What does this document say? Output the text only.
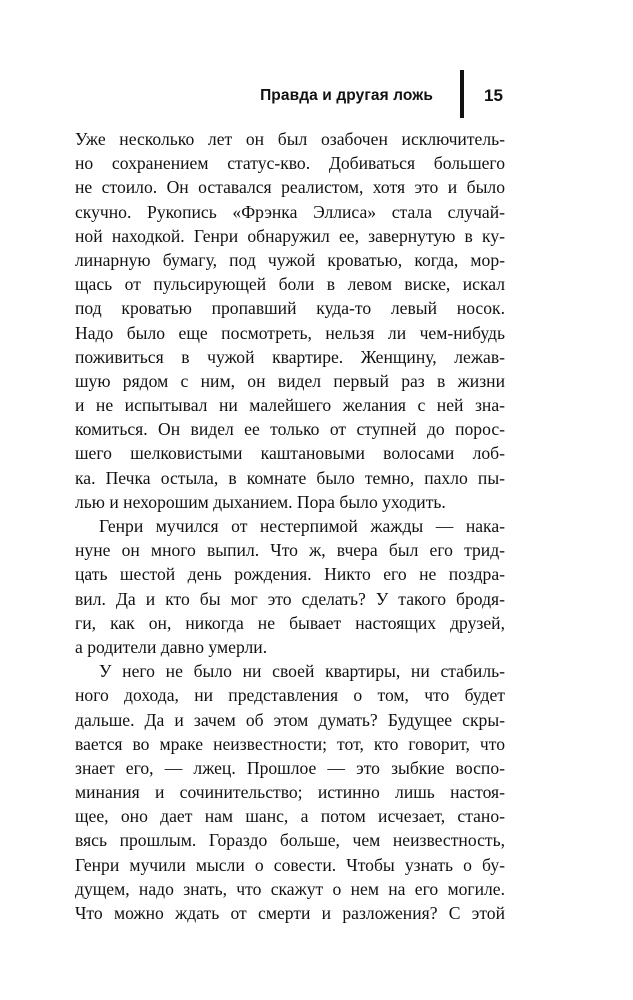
Правда и другая ложь	15
Уже несколько лет он был озабочен исключитель-
но сохранением статус-кво. Добиваться большего
не стоило. Он оставался реалистом, хотя это и было
скучно. Рукопись «Фрэнка Эллиса» стала случай-
ной находкой. Генри обнаружил ее, завернутую в ку-
линарную бумагу, под чужой кроватью, когда, мор-
щась от пульсирующей боли в левом виске, искал
под кроватью пропавший куда-то левый носок.
Надо было еще посмотреть, нельзя ли чем-нибудь
поживиться в чужой квартире. Женщину, лежав-
шую рядом с ним, он видел первый раз в жизни
и не испытывал ни малейшего желания с ней зна-
комиться. Он видел ее только от ступней до порос-
шего шелковистыми каштановыми волосами лоб-
ка. Печка остыла, в комнате было темно, пахло пы-
лью и нехорошим дыханием. Пора было уходить.
Генри мучился от нестерпимой жажды — нака-
нуне он много выпил. Что ж, вчера был его трид-
цать шестой день рождения. Никто его не поздра-
вил. Да и кто бы мог это сделать? У такого бродя-
ги, как он, никогда не бывает настоящих друзей,
а родители давно умерли.
У него не было ни своей квартиры, ни стабиль-
ного дохода, ни представления о том, что будет
дальше. Да и зачем об этом думать? Будущее скры-
вается во мраке неизвестности; тот, кто говорит, что
знает его, — лжец. Прошлое — это зыбкие воспо-
минания и сочинительство; истинно лишь настоя-
щее, оно дает нам шанс, а потом исчезает, стано-
вясь прошлым. Гораздо больше, чем неизвестность,
Генри мучили мысли о совести. Чтобы узнать о бу-
дущем, надо знать, что скажут о нем на его могиле.
Что можно ждать от смерти и разложения? С этой
